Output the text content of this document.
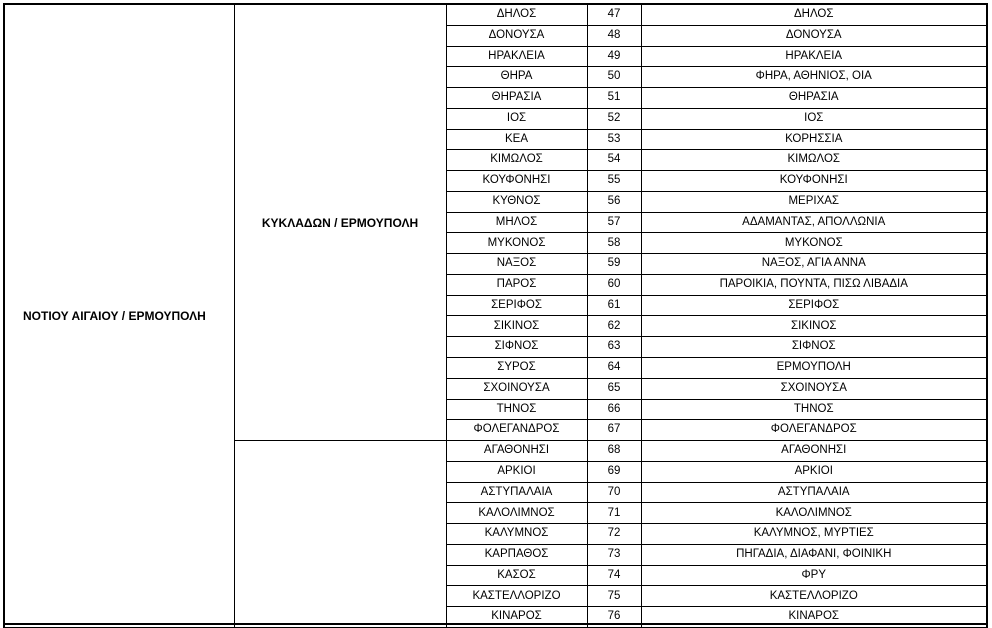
ΝΟΤΙΟΥ ΑΙΓΑΙΟΥ / ΕΡΜΟΥΠΟΛΗ	ΚΥΚΛΑΔΩΝ / ΕΡΜΟΥΠΟΛΗ	ΔΗΛΟΣ	47	ΔΗΛΟΣ
		ΔΟΝΟΥΣΑ	48	ΔΟΝΟΥΣΑ
		ΗΡΑΚΛΕΙΑ	49	ΗΡΑΚΛΕΙΑ
		ΘΗΡΑ	50	ΦΗΡΑ, ΑΘΗΝΙΟΣ, ΟΙΑ
		ΘΗΡΑΣΙΑ	51	ΘΗΡΑΣΙΑ
		ΙΟΣ	52	ΙΟΣ
		ΚΕΑ	53	ΚΟΡΗΣΣΙΑ
		ΚΙΜΩΛΟΣ	54	ΚΙΜΩΛΟΣ
		ΚΟΥΦΟΝΗΣΙ	55	ΚΟΥΦΟΝΗΣΙ
		ΚΥΘΝΟΣ	56	ΜΕΡΙΧΑΣ
		ΜΗΛΟΣ	57	ΑΔΑΜΑΝΤΑΣ, ΑΠΟΛΛΩΝΙΑ
		ΜΥΚΟΝΟΣ	58	ΜΥΚΟΝΟΣ
		ΝΑΞΟΣ	59	ΝΑΞΟΣ, ΑΓΙΑ ΑΝΝΑ
		ΠΑΡΟΣ	60	ΠΑΡΟΙΚΙΑ, ΠΟΥΝΤΑ, ΠΙΣΩ ΛΙΒΑΔΙΑ
		ΣΕΡΙΦΟΣ	61	ΣΕΡΙΦΟΣ
		ΣΙΚΙΝΟΣ	62	ΣΙΚΙΝΟΣ
		ΣΙΦΝΟΣ	63	ΣΙΦΝΟΣ
		ΣΥΡΟΣ	64	ΕΡΜΟΥΠΟΛΗ
		ΣΧΟΙΝΟΥΣΑ	65	ΣΧΟΙΝΟΥΣΑ
		ΤΗΝΟΣ	66	ΤΗΝΟΣ
		ΦΟΛΕΓΑΝΔΡΟΣ	67	ΦΟΛΕΓΑΝΔΡΟΣ
		ΑΓΑΘΟΝΗΣΙ	68	ΑΓΑΘΟΝΗΣΙ
		ΑΡΚΙΟΙ	69	ΑΡΚΙΟΙ
		ΑΣΤΥΠΑΛΑΙΑ	70	ΑΣΤΥΠΑΛΑΙΑ
		ΚΑΛΟΛΙΜΝΟΣ	71	ΚΑΛΟΛΙΜΝΟΣ
		ΚΑΛΥΜΝΟΣ	72	ΚΑΛΥΜΝΟΣ, ΜΥΡΤΙΕΣ
		ΚΑΡΠΑΘΟΣ	73	ΠΗΓΑΔΙΑ, ΔΙΑΦΑΝΙ, ΦΟΙΝΙΚΗ
		ΚΑΣΟΣ	74	ΦΡΥ
		ΚΑΣΤΕΛΛΟΡΙΖΟ	75	ΚΑΣΤΕΛΛΟΡΙΖΟ
		ΚΙΝΑΡΟΣ	76	ΚΙΝΑΡΟΣ
